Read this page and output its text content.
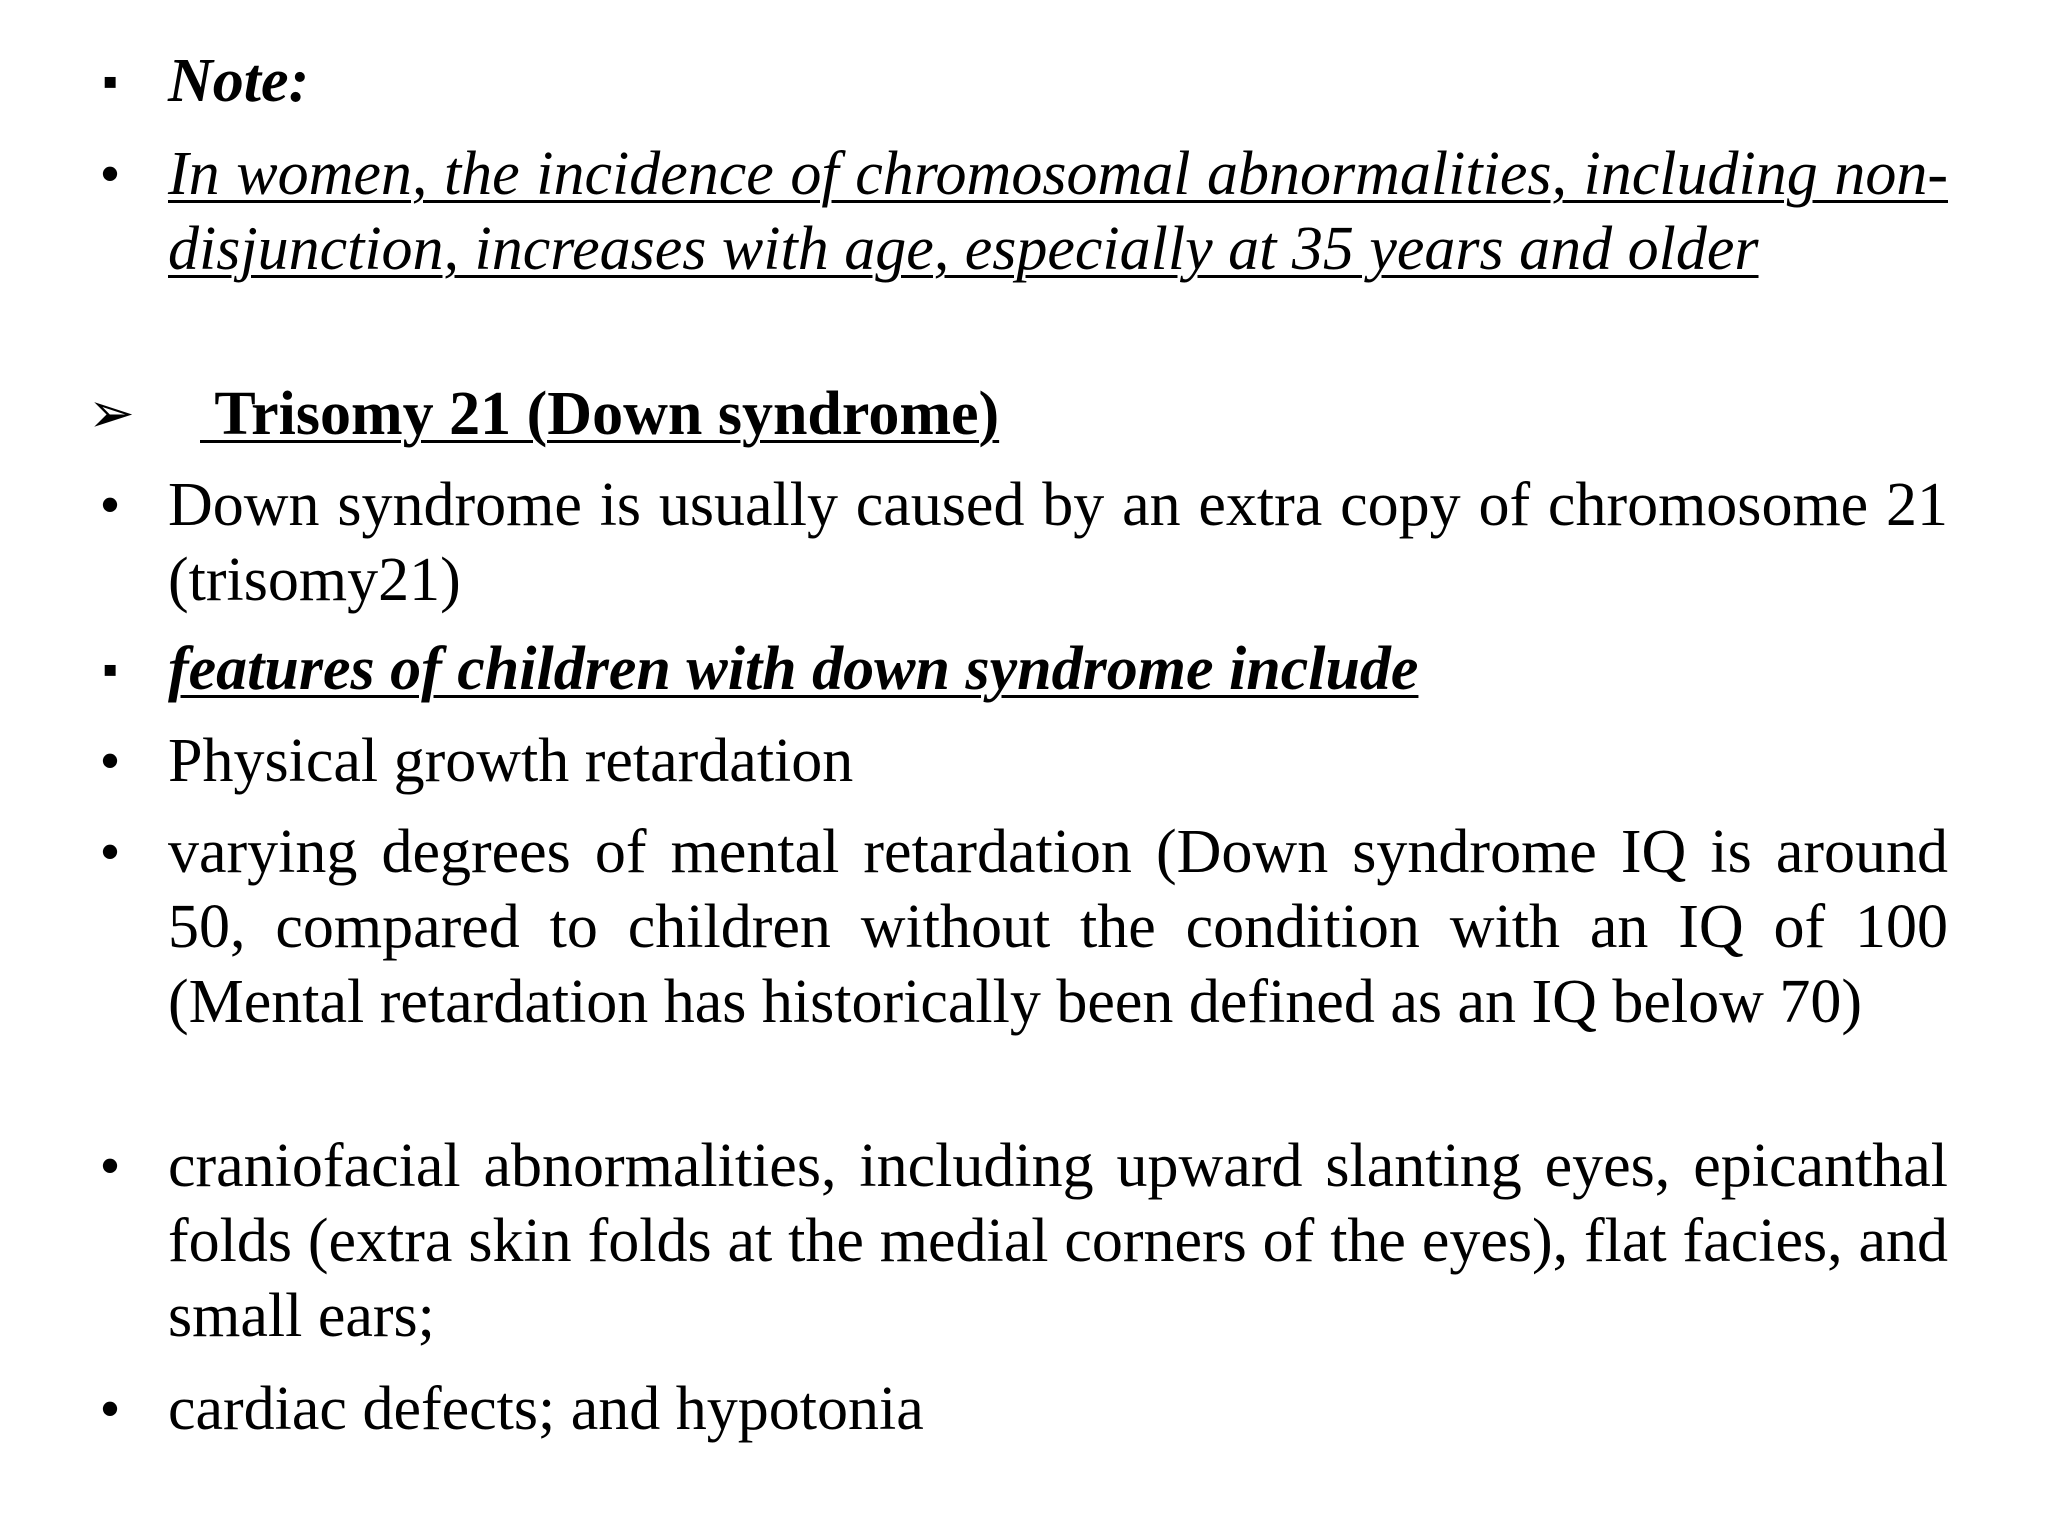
▪ Note:
• In women, the incidence of chromosomal abnormalities, including non-disjunction, increases with age, especially at 35 years and older
➢ Trisomy 21 (Down syndrome)
• Down syndrome is usually caused by an extra copy of chromosome 21 (trisomy21)
▪ features of children with down syndrome include
• Physical growth retardation
• varying degrees of mental retardation (Down syndrome IQ is around 50, compared to children without the condition with an IQ of 100 (Mental retardation has historically been defined as an IQ below 70)
• craniofacial abnormalities, including upward slanting eyes, epicanthal folds (extra skin folds at the medial corners of the eyes), flat facies, and small ears;
• cardiac defects; and hypotonia
